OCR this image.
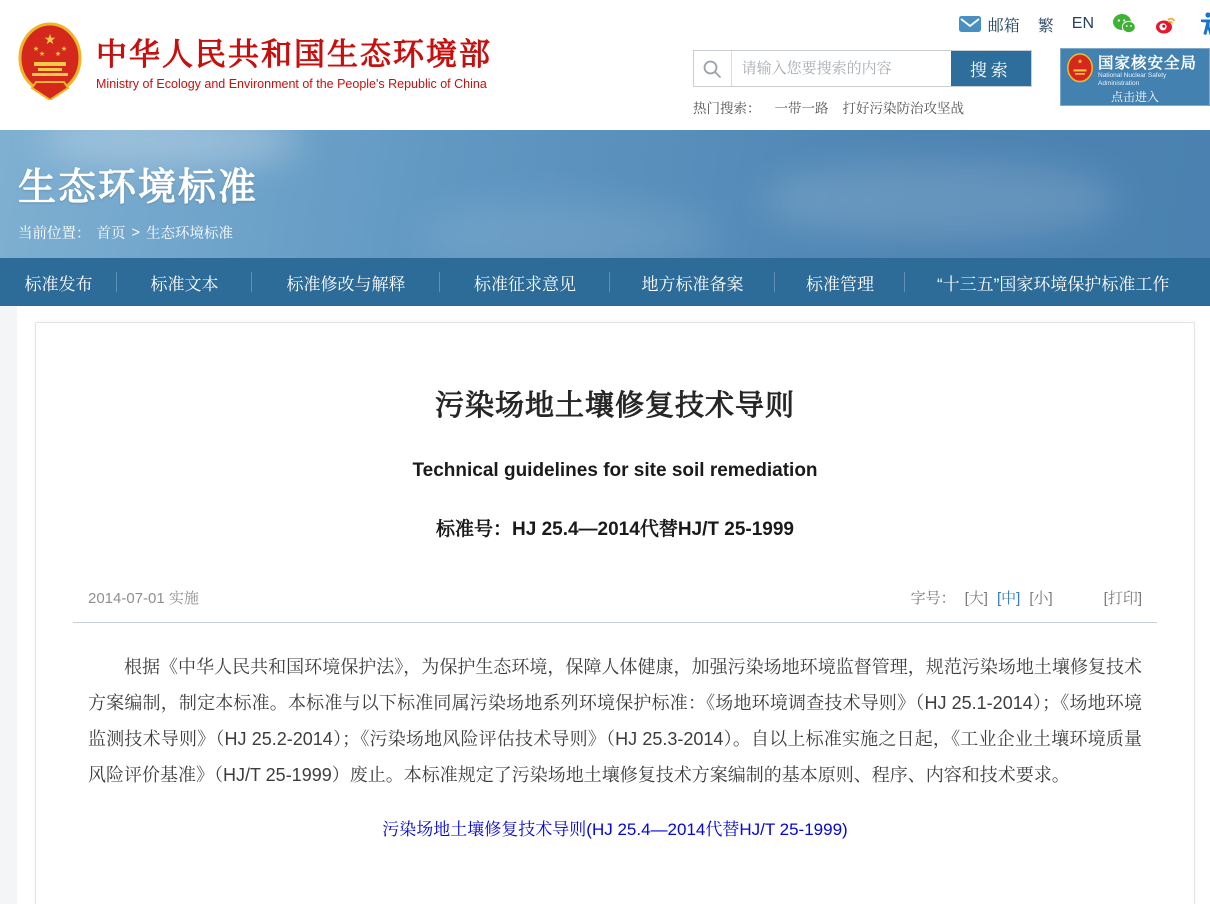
邮箱 繁 EN
★
★	★
★ ★ 中华人民共和国生态环境部
Ministry of Ecology and Environment of the People's Republic of China
请输入您要搜索的内容
搜索
热门搜索： 一带一路 打好污染防治攻坚战
★ 国家核安全局
National Nuclear Safety Administration
点击进入
生态环境标准
当前位置： 首页 > 生态环境标准
标准发布	标准文本	标准修改与解释	标准征求意见	地方标准备案	标准管理	“十三五”国家环境保护标准工作
污染场地土壤修复技术导则
Technical guidelines for site soil remediation
标准号：HJ 25.4—2014代替HJ/T 25-1999
2014-07-01 实施	字号： [大] [中] [小]	[打印]

根据《中华人民共和国环境保护法》，为保护生态环境，保障人体健康，加强污染场地环境监督管理，规范污染场地土壤修复技术方案编制，制定本标准。本标准与以下标准同属污染场地系列环境保护标准：《场地环境调查技术导则》（HJ 25.1-2014）；《场地环境监测技术导则》（HJ 25.2-2014）；《污染场地风险评估技术导则》（HJ 25.3-2014）。自以上标准实施之日起，《工业企业土壤环境质量风险评价基准》（HJ/T 25-1999）废止。本标准规定了污染场地土壤修复技术方案编制的基本原则、程序、内容和技术要求。

污染场地土壤修复技术导则(HJ 25.4—2014代替HJ/T 25-1999)
